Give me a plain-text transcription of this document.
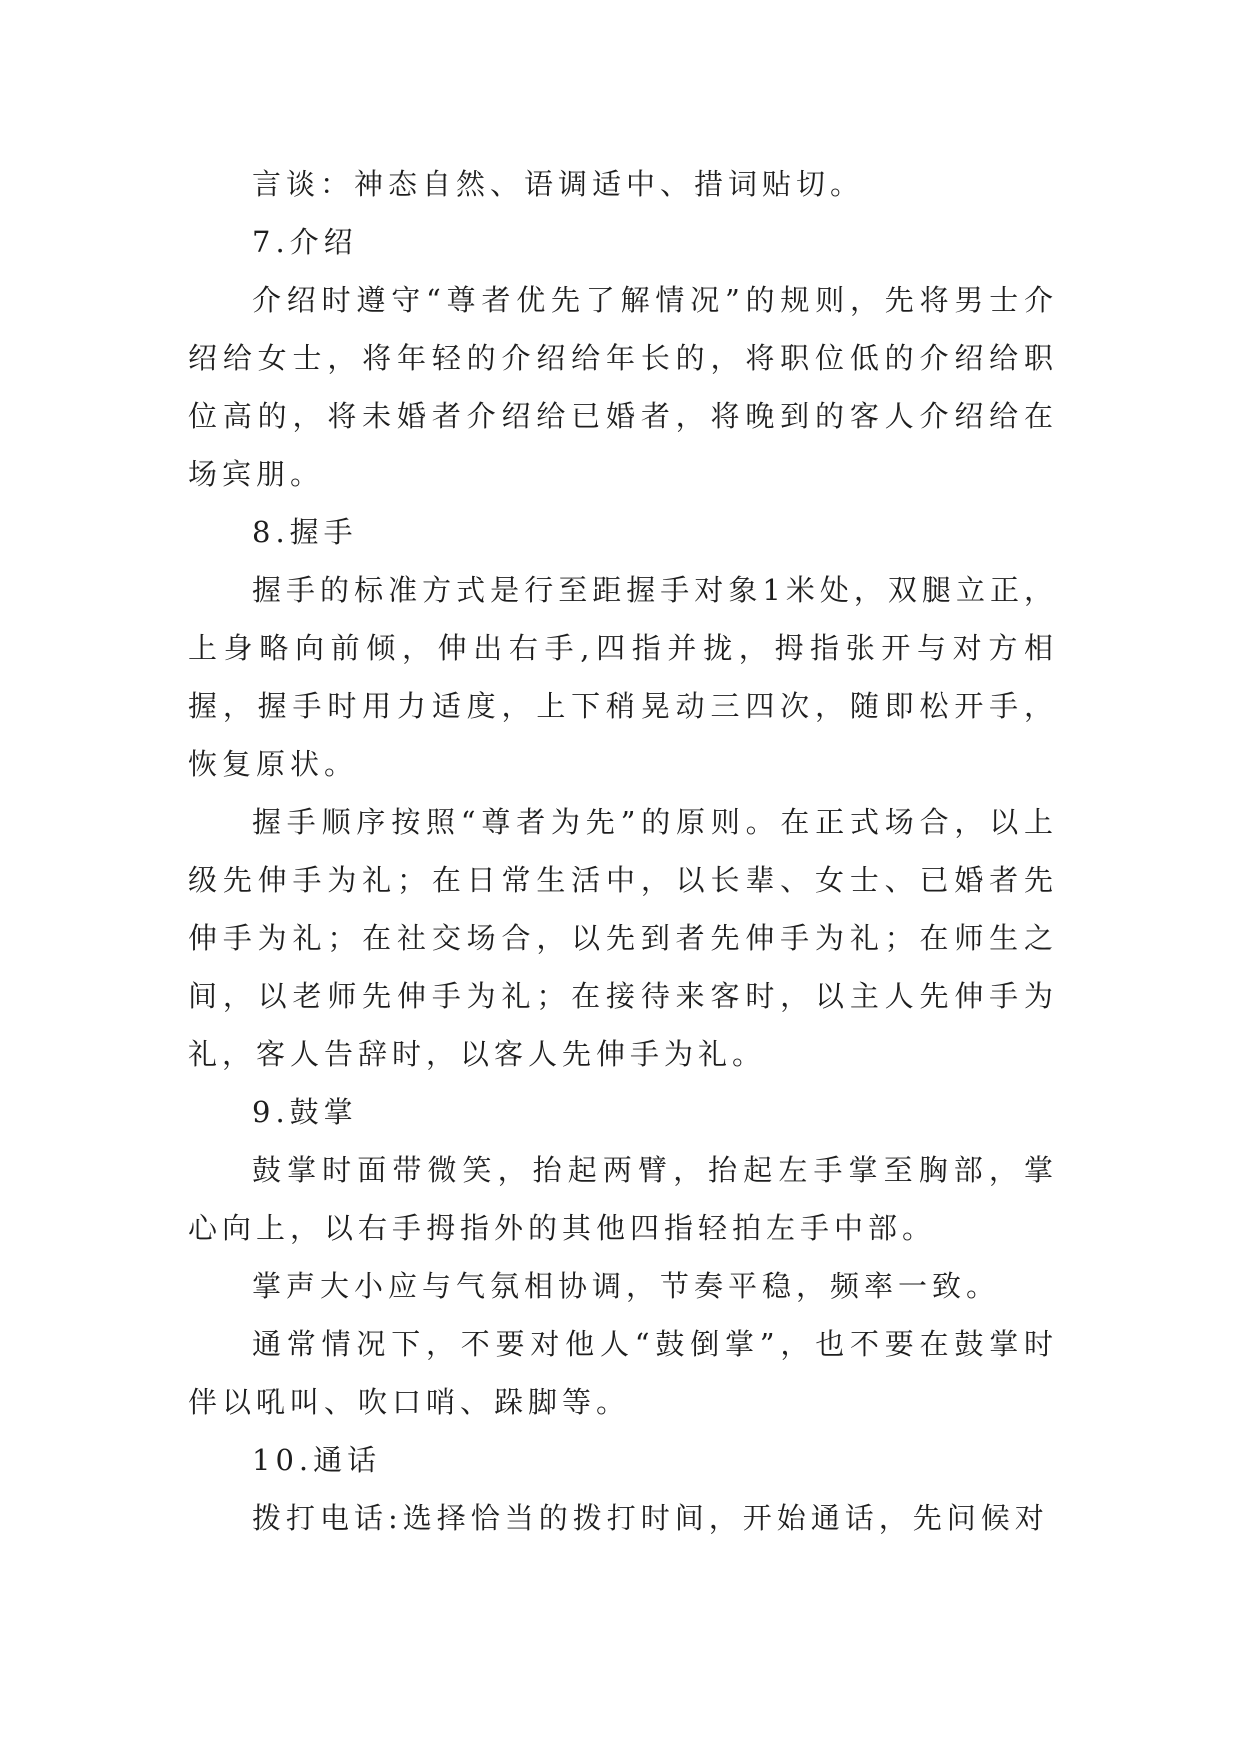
言谈：神态自然、语调适中、措词贴切。

7.介绍

介绍时遵守“尊者优先了解情况”的规则，先将男士介绍给女士，将年轻的介绍给年长的，将职位低的介绍给职位高的，将未婚者介绍给已婚者，将晚到的客人介绍给在场宾朋。

8.握手

握手的标准方式是行至距握手对象1米处，双腿立正，上身略向前倾，伸出右手,四指并拢，拇指张开与对方相握，握手时用力适度，上下稍晃动三四次，随即松开手，恢复原状。

握手顺序按照“尊者为先”的原则。在正式场合，以上级先伸手为礼；在日常生活中，以长辈、女士、已婚者先伸手为礼；在社交场合，以先到者先伸手为礼；在师生之间，以老师先伸手为礼；在接待来客时，以主人先伸手为礼，客人告辞时，以客人先伸手为礼。

9.鼓掌

鼓掌时面带微笑，抬起两臂，抬起左手掌至胸部，掌心向上，以右手拇指外的其他四指轻拍左手中部。

掌声大小应与气氛相协调，节奏平稳，频率一致。

通常情况下，不要对他人“鼓倒掌”，也不要在鼓掌时伴以吼叫、吹口哨、跺脚等。

10.通话

拨打电话:选择恰当的拨打时间，开始通话，先问候对
